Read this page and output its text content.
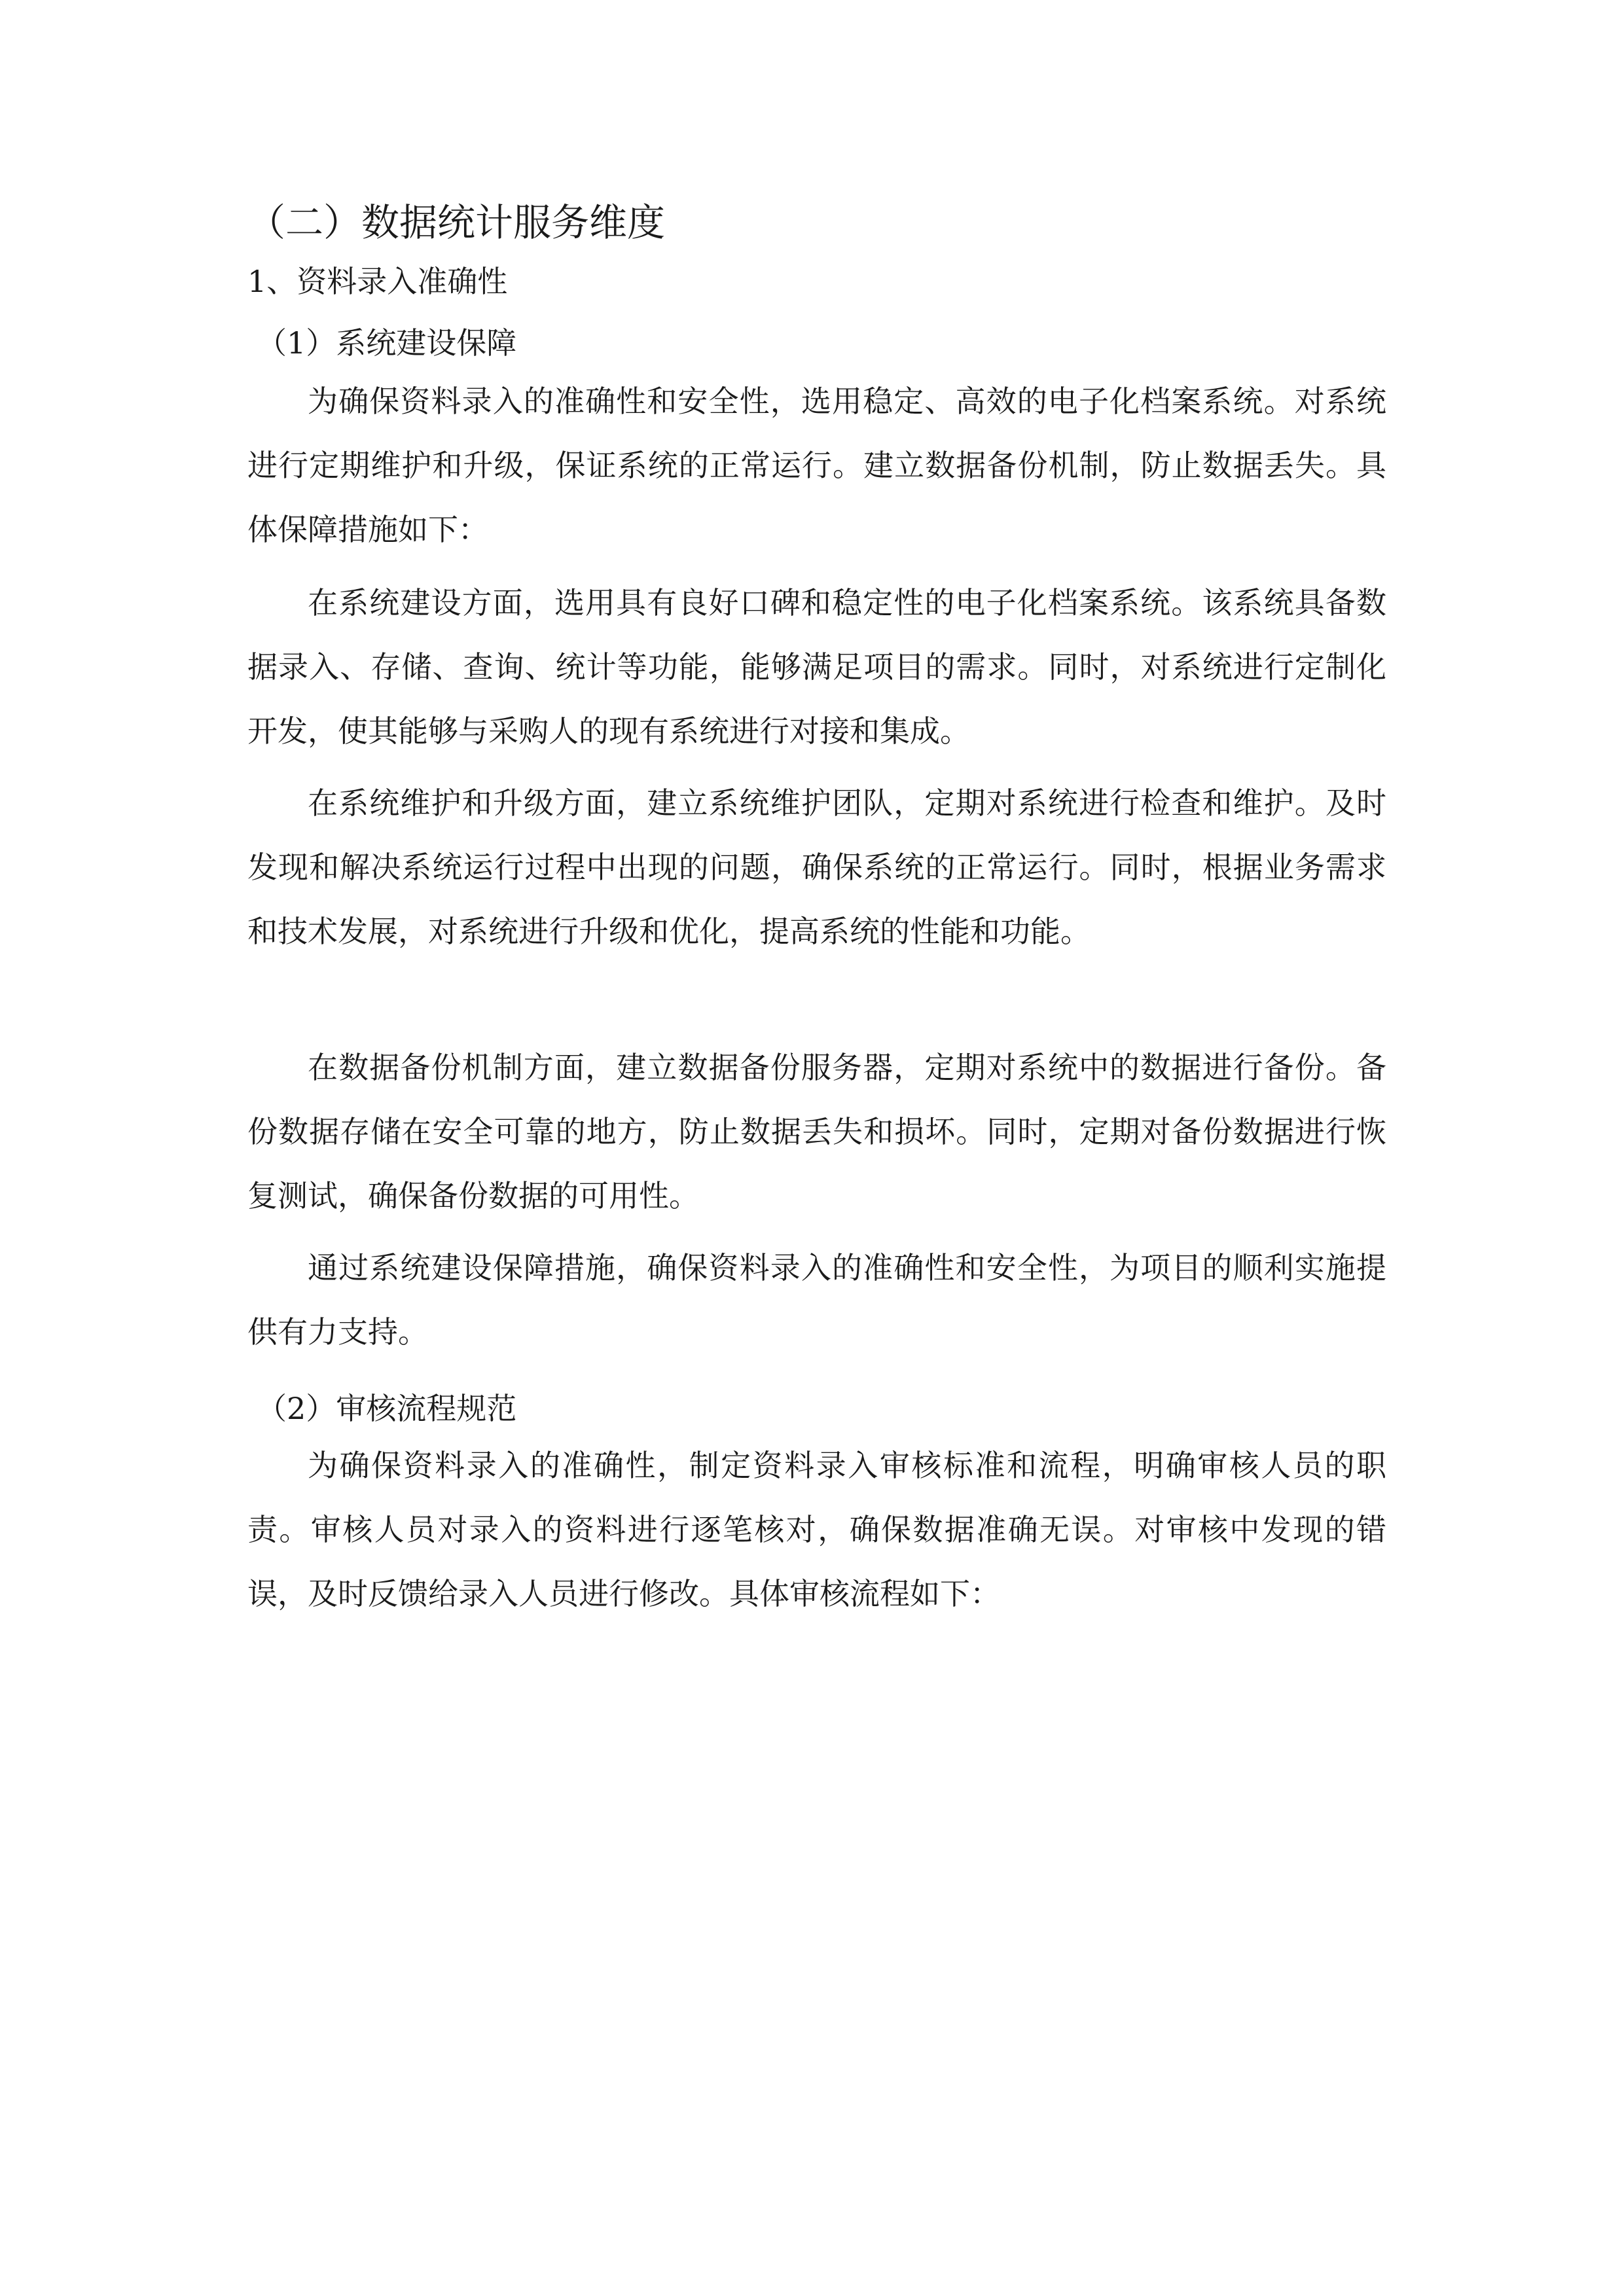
（二）数据统计服务维度
1、资料录入准确性
（1）系统建设保障

为确保资料录入的准确性和安全性，选用稳定、高效的电子化档案系统。对系统进行定期维护和升级，保证系统的正常运行。建立数据备份机制，防止数据丢失。具体保障措施如下：

在系统建设方面，选用具有良好口碑和稳定性的电子化档案系统。该系统具备数据录入、存储、查询、统计等功能，能够满足项目的需求。同时，对系统进行定制化开发，使其能够与采购人的现有系统进行对接和集成。

在系统维护和升级方面，建立系统维护团队，定期对系统进行检查和维护。及时发现和解决系统运行过程中出现的问题，确保系统的正常运行。同时，根据业务需求和技术发展，对系统进行升级和优化，提高系统的性能和功能。

在数据备份机制方面，建立数据备份服务器，定期对系统中的数据进行备份。备份数据存储在安全可靠的地方，防止数据丢失和损坏。同时，定期对备份数据进行恢复测试，确保备份数据的可用性。

通过系统建设保障措施，确保资料录入的准确性和安全性，为项目的顺利实施提供有力支持。

（2）审核流程规范

为确保资料录入的准确性，制定资料录入审核标准和流程，明确审核人员的职责。审核人员对录入的资料进行逐笔核对，确保数据准确无误。对审核中发现的错误，及时反馈给录入人员进行修改。具体审核流程如下：
